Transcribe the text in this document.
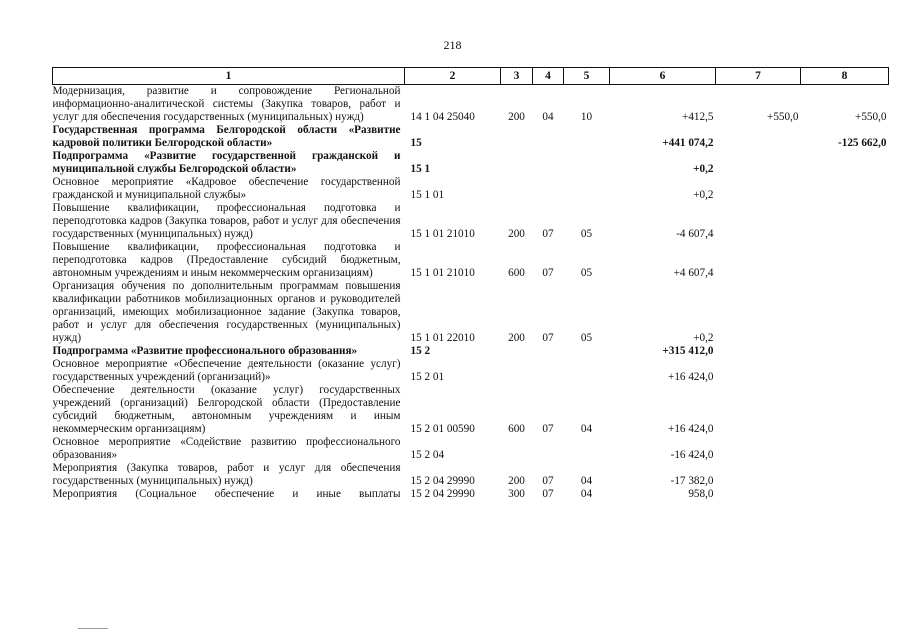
218
1	2	3	4	5	6	7	8
Модернизация, развитие и сопровождение Региональной информационно-аналитической системы (Закупка товаров, работ и услуг для обеспечения государственных (муниципальных) нужд)	14 1 04 25040	200	04	10	+412,5	+550,0	+550,0
Государственная программа Белгородской области «Развитие кадровой политики Белгородской области»	15				+441 074,2		-125 662,0
Подпрограмма «Развитие государственной гражданской и муниципальной службы Белгородской области»	15 1				+0,2		
Основное мероприятие «Кадровое обеспечение государственной гражданской и муниципальной службы»	15 1 01				+0,2		
Повышение квалификации, профессиональная подготовка и переподготовка кадров (Закупка товаров, работ и услуг для обеспечения государственных (муниципальных) нужд)	15 1 01 21010	200	07	05	-4 607,4		
Повышение квалификации, профессиональная подготовка и переподготовка кадров (Предоставление субсидий бюджетным, автономным учреждениям и иным некоммерческим организациям)	15 1 01 21010	600	07	05	+4 607,4		
Организация обучения по дополнительным программам повышения квалификации работников мобилизационных органов и руководителей организаций, имеющих мобилизационное задание (Закупка товаров, работ и услуг для обеспечения государственных (муниципальных) нужд)	15 1 01 22010	200	07	05	+0,2		
Подпрограмма «Развитие профессионального образования»	15 2				+315 412,0		
Основное мероприятие «Обеспечение деятельности (оказание услуг) государственных учреждений (организаций)»	15 2 01				+16 424,0		
Обеспечение деятельности (оказание услуг) государственных учреждений (организаций) Белгородской области (Предоставление субсидий бюджетным, автономным учреждениям и иным некоммерческим организациям)	15 2 01 00590	600	07	04	+16 424,0		
Основное мероприятие «Содействие развитию профессионального образования»	15 2 04				-16 424,0		
Мероприятия (Закупка товаров, работ и услуг для обеспечения государственных (муниципальных) нужд)	15 2 04 29990	200	07	04	-17 382,0		
Мероприятия (Социальное обеспечение и иные выплаты	15 2 04 29990	300	07	04	958,0		
